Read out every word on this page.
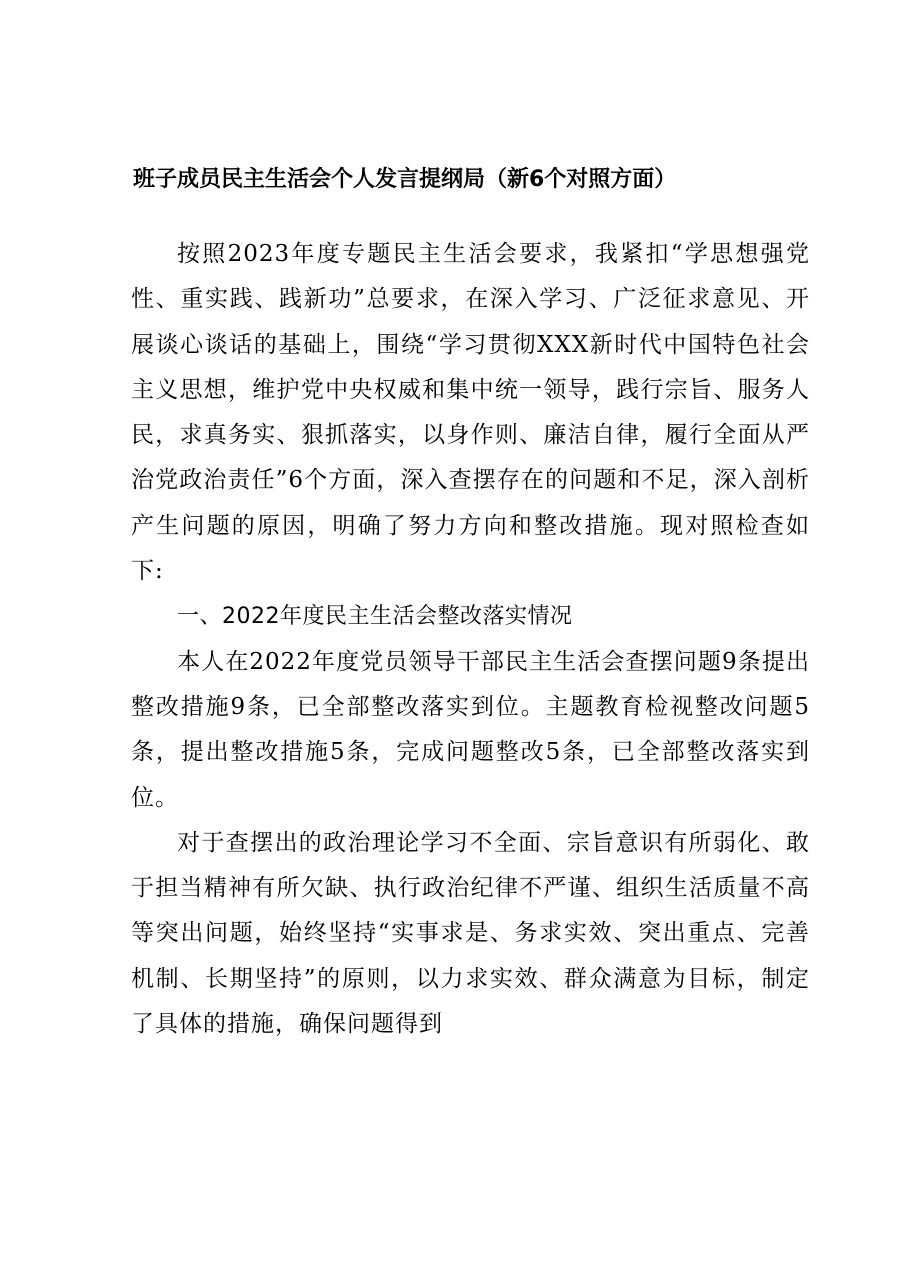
班子成员民主生活会个人发言提纲局（新6个对照方面）

按照2023年度专题民主生活会要求，我紧扣“学思想强党性、重实践、践新功”总要求，在深入学习、广泛征求意见、开展谈心谈话的基础上，围绕“学习贯彻XXX新时代中国特色社会主义思想，维护党中央权威和集中统一领导，践行宗旨、服务人民，求真务实、狠抓落实，以身作则、廉洁自律，履行全面从严治党政治责任”6个方面，深入查摆存在的问题和不足，深入剖析产生问题的原因，明确了努力方向和整改措施。现对照检查如下:

一、2022年度民主生活会整改落实情况

本人在2022年度党员领导干部民主生活会查摆问题9条提出整改措施9条，已全部整改落实到位。主题教育检视整改问题5条，提出整改措施5条，完成问题整改5条，已全部整改落实到位。

对于查摆出的政治理论学习不全面、宗旨意识有所弱化、敢于担当精神有所欠缺、执行政治纪律不严谨、组织生活质量不高等突出问题，始终坚持“实事求是、务求实效、突出重点、完善机制、长期坚持”的原则，以力求实效、群众满意为目标，制定了具体的措施，确保问题得到
